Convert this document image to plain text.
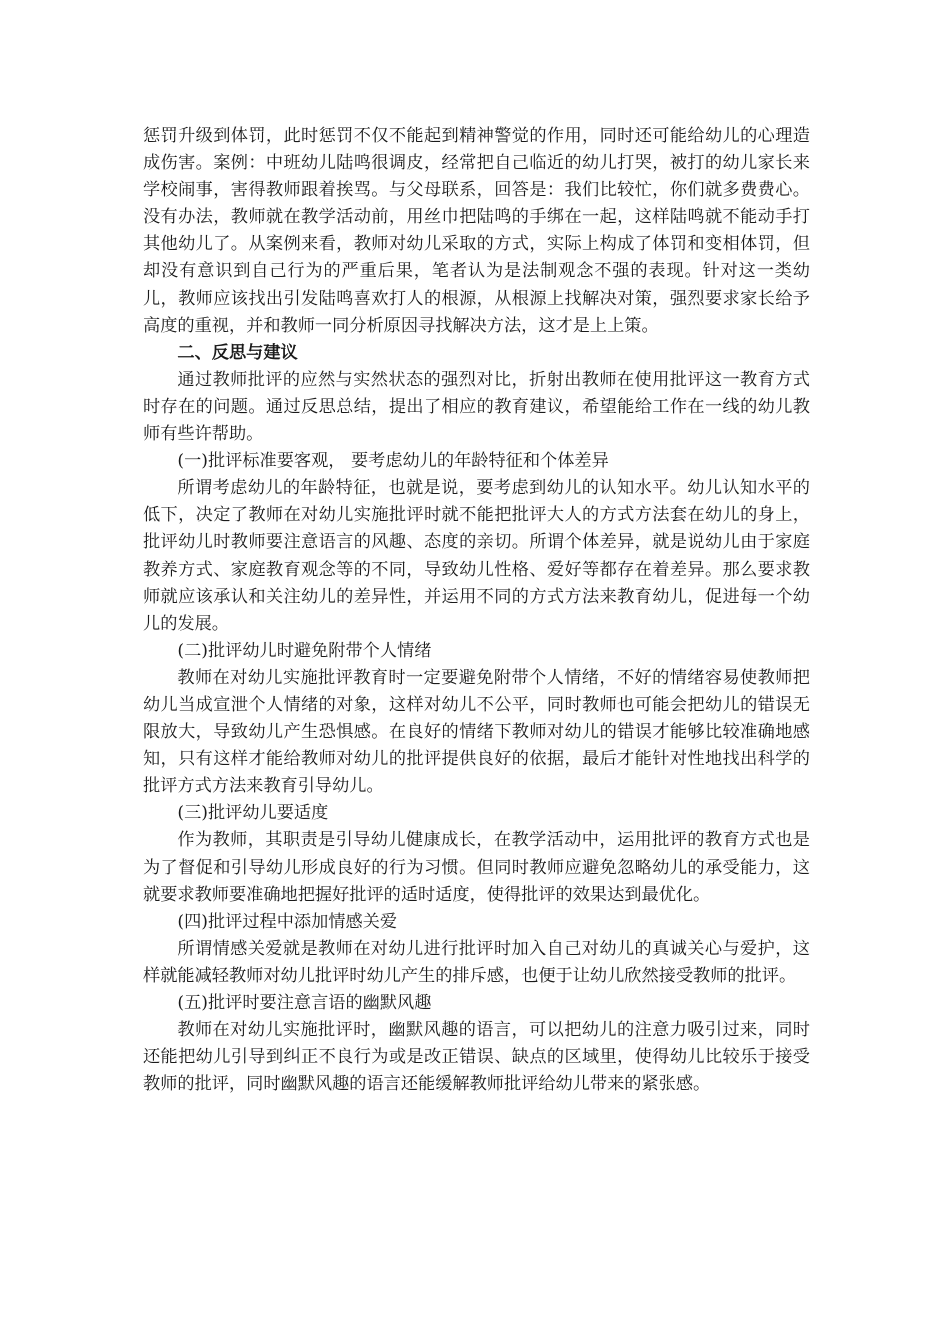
惩罚升级到体罚，此时惩罚不仅不能起到精神警觉的作用，同时还可能给幼儿的心理造成伤害。案例：中班幼儿陆鸣很调皮，经常把自己临近的幼儿打哭，被打的幼儿家长来学校闹事，害得教师跟着挨骂。与父母联系，回答是：我们比较忙，你们就多费费心。没有办法，教师就在教学活动前，用丝巾把陆鸣的手绑在一起，这样陆鸣就不能动手打其他幼儿了。从案例来看，教师对幼儿采取的方式，实际上构成了体罚和变相体罚，但却没有意识到自己行为的严重后果，笔者认为是法制观念不强的表现。针对这一类幼儿，教师应该找出引发陆鸣喜欢打人的根源，从根源上找解决对策，强烈要求家长给予高度的重视，并和教师一同分析原因寻找解决方法，这才是上上策。

二、反思与建议

通过教师批评的应然与实然状态的强烈对比，折射出教师在使用批评这一教育方式时存在的问题。通过反思总结，提出了相应的教育建议，希望能给工作在一线的幼儿教师有些许帮助。

(一)批评标准要客观， 要考虑幼儿的年龄特征和个体差异

所谓考虑幼儿的年龄特征，也就是说，要考虑到幼儿的认知水平。幼儿认知水平的低下，决定了教师在对幼儿实施批评时就不能把批评大人的方式方法套在幼儿的身上，批评幼儿时教师要注意语言的风趣、态度的亲切。所谓个体差异，就是说幼儿由于家庭教养方式、家庭教育观念等的不同，导致幼儿性格、爱好等都存在着差异。那么要求教师就应该承认和关注幼儿的差异性，并运用不同的方式方法来教育幼儿，促进每一个幼儿的发展。

(二)批评幼儿时避免附带个人情绪

教师在对幼儿实施批评教育时一定要避免附带个人情绪，不好的情绪容易使教师把幼儿当成宣泄个人情绪的对象，这样对幼儿不公平，同时教师也可能会把幼儿的错误无限放大，导致幼儿产生恐惧感。在良好的情绪下教师对幼儿的错误才能够比较准确地感知，只有这样才能给教师对幼儿的批评提供良好的依据，最后才能针对性地找出科学的批评方式方法来教育引导幼儿。

(三)批评幼儿要适度

作为教师，其职责是引导幼儿健康成长，在教学活动中，运用批评的教育方式也是为了督促和引导幼儿形成良好的行为习惯。但同时教师应避免忽略幼儿的承受能力，这就要求教师要准确地把握好批评的适时适度，使得批评的效果达到最优化。

(四)批评过程中添加情感关爱

所谓情感关爱就是教师在对幼儿进行批评时加入自己对幼儿的真诚关心与爱护，这样就能减轻教师对幼儿批评时幼儿产生的排斥感，也便于让幼儿欣然接受教师的批评。

(五)批评时要注意言语的幽默风趣

教师在对幼儿实施批评时，幽默风趣的语言，可以把幼儿的注意力吸引过来，同时还能把幼儿引导到纠正不良行为或是改正错误、缺点的区域里，使得幼儿比较乐于接受教师的批评，同时幽默风趣的语言还能缓解教师批评给幼儿带来的紧张感。
